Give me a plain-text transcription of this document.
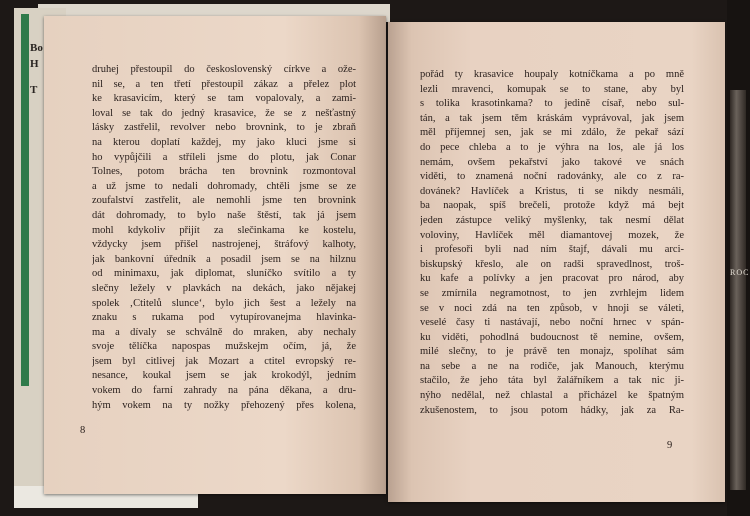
Bo
H
T
ROC
druhej přestoupil do československý církve a ože-
nil se, a ten třetí přestoupil zákaz a přelez plot
ke krasavicím, který se tam vopalovaly, a zami-
loval se tak do jedný krasavice, že se z nešťastný
lásky zastřelil, revolver nebo brovnink, to je zbraň
na kterou doplatí každej, my jako kluci jsme si
ho vypůjčili a stříleli jsme do plotu, jak Conar
Tolnes, potom brácha ten brovnink rozmontoval
a už jsme to nedali dohromady, chtěli jsme se ze
zoufalství zastřelit, ale nemohli jsme ten brovnink
dát dohromady, to bylo naše štěstí, tak já jsem
mohl kdykoliv přijít za slečinkama ke kostelu,
vždycky jsem přišel nastrojenej, štráfový kalhoty,
jak bankovní úředník a posadil jsem se na hilznu
od minimaxu, jak diplomat, sluníčko svítilo a ty
slečny ležely v plavkách na dekách, jako nějakej
spolek ‚Ctitelů slunce‘, bylo jich šest a ležely na
znaku s rukama pod vytupírovanejma hlavinka-
ma a dívaly se schválně do mraken, aby nechaly
svoje tělíčka napospas mužskejm očím, já, že
jsem byl citlivej jak Mozart a ctitel evropský re-
nesance, koukal jsem se jak krokodýl, jedním
vokem do farní zahrady na pána děkana, a dru-
hým vokem na ty nožky přehozený přes kolena,
8
pořád ty krasavice houpaly kotníčkama a po mně
lezli mravenci, komupak se to stane, aby byl
s tolika krasotinkama? to jedině císař, nebo sul-
tán, a tak jsem těm kráskám vyprávoval, jak jsem
měl příjemnej sen, jak se mi zdálo, že pekař sází
do pece chleba a to je výhra na los, ale já los
nemám, ovšem pekařství jako takové ve snách
viděti, to znamená noční radovánky, ale co z ra-
dovánek? Havlíček a Kristus, ti se nikdy nesmáli,
ba naopak, spíš brečeli, protože když má bejt
jeden zástupce veliký myšlenky, tak nesmí dělat
voloviny, Havlíček měl diamantovej mozek, že
i profesoři byli nad ním štajf, dávali mu arci-
biskupský křeslo, ale on radši spravedlnost, troš-
ku kafe a polívky a jen pracovat pro národ, aby
se zmírnila negramotnost, to jen zvrhlejm lidem
se v noci zdá na ten způsob, v hnoji se váleti,
veselé časy ti nastávají, nebo noční hrnec v spán-
ku viděti, pohodlná budoucnost tě nemine, ovšem,
milé slečny, to je právě ten monajz, spolíhat sám
na sebe a ne na rodiče, jak Manouch, kterýmu
stačilo, že jeho táta byl žalářníkem a tak nic ji-
nýho nedělal, než chlastal a přicházel ke špatným
zkušenostem, to jsou potom hádky, jak za Ra-
9
